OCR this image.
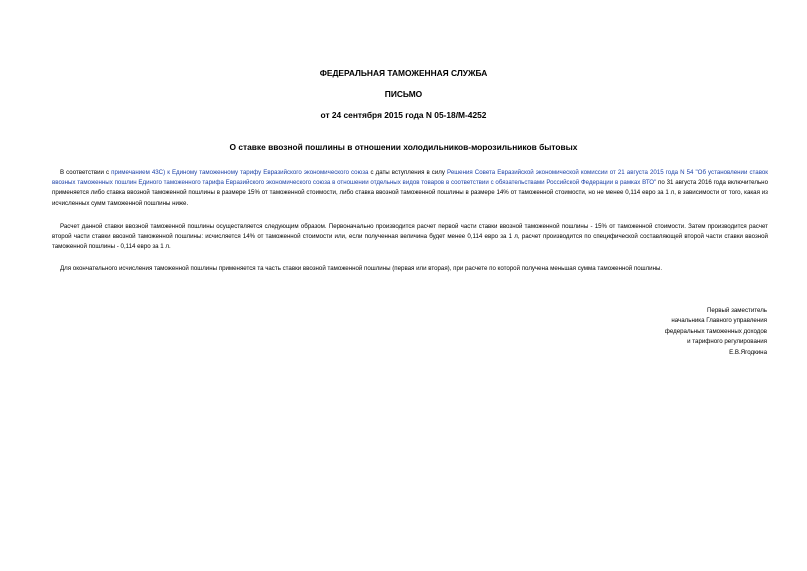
ФЕДЕРАЛЬНАЯ ТАМОЖЕННАЯ СЛУЖБА
ПИСЬМО
от 24 сентября 2015 года N 05-18/М-4252
О ставке ввозной пошлины в отношении холодильников-морозильников бытовых
В соответствии с примечанием 43С) к Единому таможенному тарифу Евразийского экономического союза с даты вступления в силу Решения Совета Евразийской экономической комиссии от 21 августа 2015 года N 54 "Об установлении ставок ввозных таможенных пошлин Единого таможенного тарифа Евразийского экономического союза в отношении отдельных видов товаров в соответствии с обязательствами Российской Федерации в рамках ВТО" по 31 августа 2016 года включительно применяется либо ставка ввозной таможенной пошлины в размере 15% от таможенной стоимости, либо ставка ввозной таможенной пошлины в размере 14% от таможенной стоимости, но не менее 0,114 евро за 1 л, в зависимости от того, какая из исчисленных сумм таможенной пошлины ниже.
Расчет данной ставки ввозной таможенной пошлины осуществляется следующим образом. Первоначально производится расчет первой части ставки ввозной таможенной пошлины - 15% от таможенной стоимости. Затем производится расчет второй части ставки ввозной таможенной пошлины: исчисляется 14% от таможенной стоимости или, если полученная величина будет менее 0,114 евро за 1 л, расчет производится по специфической составляющей второй части ставки ввозной таможенной пошлины - 0,114 евро за 1 л.
Для окончательного исчисления таможенной пошлины применяется та часть ставки ввозной таможенной пошлины (первая или вторая), при расчете по которой получена меньшая сумма таможенной пошлины.
Первый заместитель
начальника Главного управления
федеральных таможенных доходов
и тарифного регулирования
Е.В.Ягодкина
